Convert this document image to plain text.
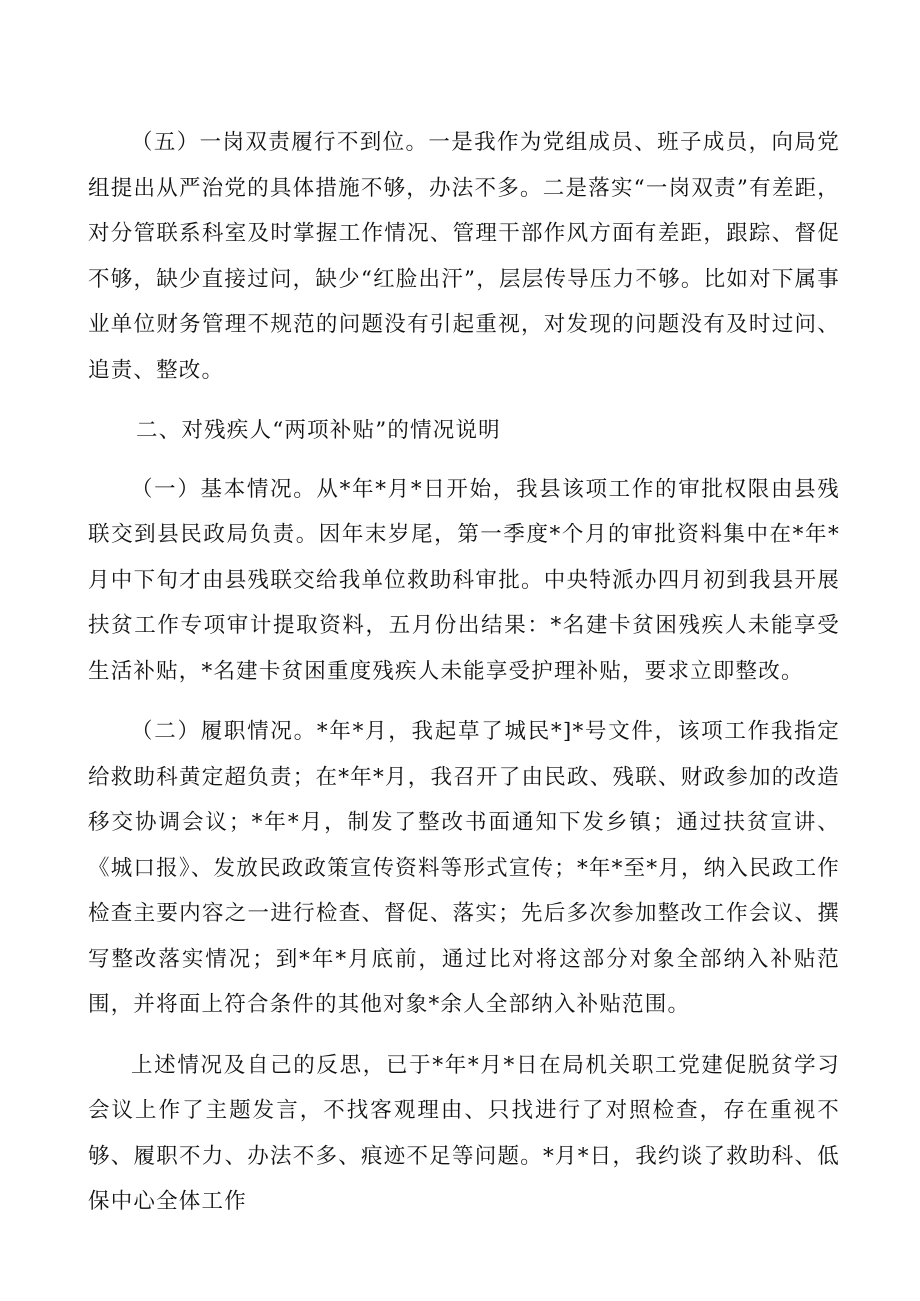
（五）一岗双责履行不到位。一是我作为党组成员、班子成员，向局党组提出从严治党的具体措施不够，办法不多。二是落实“一岗双责”有差距，对分管联系科室及时掌握工作情况、管理干部作风方面有差距，跟踪、督促不够，缺少直接过问，缺少“红脸出汗”，层层传导压力不够。比如对下属事业单位财务管理不规范的问题没有引起重视，对发现的问题没有及时过问、追责、整改。

二、对残疾人“两项补贴”的情况说明

（一）基本情况。从*年*月*日开始，我县该项工作的审批权限由县残联交到县民政局负责。因年末岁尾，第一季度*个月的审批资料集中在*年*月中下旬才由县残联交给我单位救助科审批。中央特派办四月初到我县开展扶贫工作专项审计提取资料，五月份出结果：*名建卡贫困残疾人未能享受生活补贴，*名建卡贫困重度残疾人未能享受护理补贴，要求立即整改。

（二）履职情况。*年*月，我起草了城民*]*号文件，该项工作我指定给救助科黄定超负责；在*年*月，我召开了由民政、残联、财政参加的改造移交协调会议；*年*月，制发了整改书面通知下发乡镇；通过扶贫宣讲、《城口报》、发放民政政策宣传资料等形式宣传；*年*至*月，纳入民政工作检查主要内容之一进行检查、督促、落实；先后多次参加整改工作会议、撰写整改落实情况；到*年*月底前，通过比对将这部分对象全部纳入补贴范围，并将面上符合条件的其他对象*余人全部纳入补贴范围。

上述情况及自己的反思，已于*年*月*日在局机关职工党建促脱贫学习会议上作了主题发言，不找客观理由、只找进行了对照检查，存在重视不够、履职不力、办法不多、痕迹不足等问题。*月*日，我约谈了救助科、低保中心全体工作
